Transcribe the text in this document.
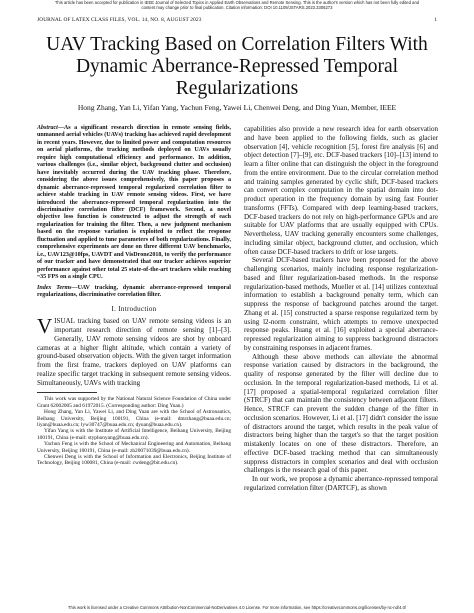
This article has been accepted for publication in IEEE Journal of Selected Topics in Applied Earth Observations and Remote Sensing. This is the author's version which has not been fully edited and
content may change prior to final publication. Citation information: DOI 10.1109/JSTARS.2023.3306273
JOURNAL OF LATEX CLASS FILES, VOL. 14, NO. 8, AUGUST 2023	1
UAV Tracking Based on Correlation Filters With
Dynamic Aberrance-Repressed Temporal
Regularizations
Hong Zhang, Yan Li, Yifan Yang, Yachun Feng, Yawei Li, Chenwei Deng, and Ding Yuan, Member, IEEE

Abstract—As a significant research direction in remote sensing fields, unmanned aerial vehicles (UAVs) tracking has achieved rapid development in recent years. However, due to limited power and computation resources on aerial platforms, the tracking methods deployed on UAVs usually require high computational efficiency and performance. In addition, various challenges (i.e., similar object, background clutter and occlusion) have inevitably occurred during the UAV tracking phase. Therefore, considering the above issues comprehensively, this paper proposes a dynamic aberrance-repressed temporal regularized correlation filter to achieve stable tracking in UAV remote sensing videos. First, we have introduced the aberrance-repressed temporal regularization into the discriminative correlation filter (DCF) framework. Second, a novel objective loss function is constructed to adjust the strength of each regularization for training the filter. Then, a new judgment mechanism based on the response variation is exploited to reflect the response fluctuation and applied to tune parameters of both regularizations. Finally, comprehensive experiments are done on three different UAV benchmarks, i.e., UAV123@10fps, UAVDT and VisDrone2018, to verify the performance of our tracker and have demonstrated that our tracker achieves superior performance against other total 25 state-of-the-art trackers while reaching ~35 FPS on a single CPU.

Index Terms—UAV tracking, dynamic aberrance-repressed temporal regularizations, discriminative correlation filter.

I. Introduction

VISUAL tracking based on UAV remote sensing videos is an important research direction of remote sensing [1]–[3]. Generally, UAV remote sensing videos are shot by onboard cameras at a higher flight altitude, which contain a variety of ground-based observation objects. With the given target information from the first frame, trackers deployed on UAV platforms can realize specific target tracking in subsequent remote sensing videos. Simultaneously, UAVs with tracking

This work was supported by the National Natural Science Foundation of China under Grant 62002005 and 61972015. (Corresponding author: Ding Yuan.)

Hong Zhang, Yan Li, Yawei Li, and Ding Yuan are with the School of Astronautics, Beihang University, Beijing 100191, China (e-mail: dmrzhang@buaa.edu.cn; liyan@buaa.edu.cn; lyw30747@buaa.edu.cn; dyuan@buaa.edu.cn).

Yifan Yang is with the Institute of Artificial Intelligence, Beihang University, Beijing 100191, China (e-mail: styphonyang@buaa.edu.cn).

Yachun Feng is with the School of Mechanical Engineering and Automation, Beihang University, Beijing 100191, China (e-mail: zb20071039@buaa.edu.cn).

Chenwei Deng is with the School of Information and Electronics, Beijing Institute of Technology, Beijing 100081, China (e-mail: cwdeng@bit.edu.cn).

capabilities also provide a new research idea for earth observation and have been applied to the following fields, such as glacier observation [4], vehicle recognition [5], forest fire analysis [6] and object detection [7]–[9], etc. DCF-based trackers [10]–[13] intend to learn a filter online that can distinguish the object in the foreground from the entire environment. Due to the circular correlation method and training samples generated by cyclic shift, DCF-based trackers can convert complex computation in the spatial domain into dot-product operation in the frequency domain by using fast Fourier transforms (FFTs). Compared with deep learning-based trackers, DCF-based trackers do not rely on high-performance GPUs and are suitable for UAV platforms that are usually equipped with CPUs. Nevertheless, UAV tracking generally encounters some challenges, including similar object, background clutter, and occlusion, which often cause DCF-based trackers to drift or lose targets.

Several DCF-based trackers have been proposed for the above challenging scenarios, mainly including response regularization-based and filter regularization-based methods. In the response regularization-based methods, Mueller et al. [14] utilizes contextual information to establish a background penalty term, which can suppress the response of background patches around the target. Zhang et al. [15] constructed a sparse response regularized term by using l2-norm constraint, which attempts to remove unexpected response peaks. Huang et al. [16] exploited a special aberrance-repressed regularization aiming to suppress background distractors by constraining responses in adjacent frames.

Although these above methods can alleviate the abnormal response variation caused by distractors in the background, the quality of response generated by the filter will decline due to occlusion. In the temporal regularization-based methods, Li et al. [17] proposed a spatial-temporal regularized correlation filter (STRCF) that can maintain the consistency between adjacent filters. Hence, STRCF can prevent the sudden change of the filter in occlusion scenarios. However, Li et al. [17] didn't consider the issue of distractors around the target, which results in the peak value of distractors being higher than the target's so that the target position mistakenly locates on one of these distractors. Therefore, an effective DCF-based tracking method that can simultaneously suppress distractors in complex scenarios and deal with occlusion challenges is the research goal of this paper.

In our work, we propose a dynamic aberrance-repressed temporal regularized correlation filter (DARTCF), as shown

This work is licensed under a Creative Commons Attribution-NonCommercial-NoDerivatives 4.0 License. For more information, see https://creativecommons.org/licenses/by-nc-nd/4.0/
